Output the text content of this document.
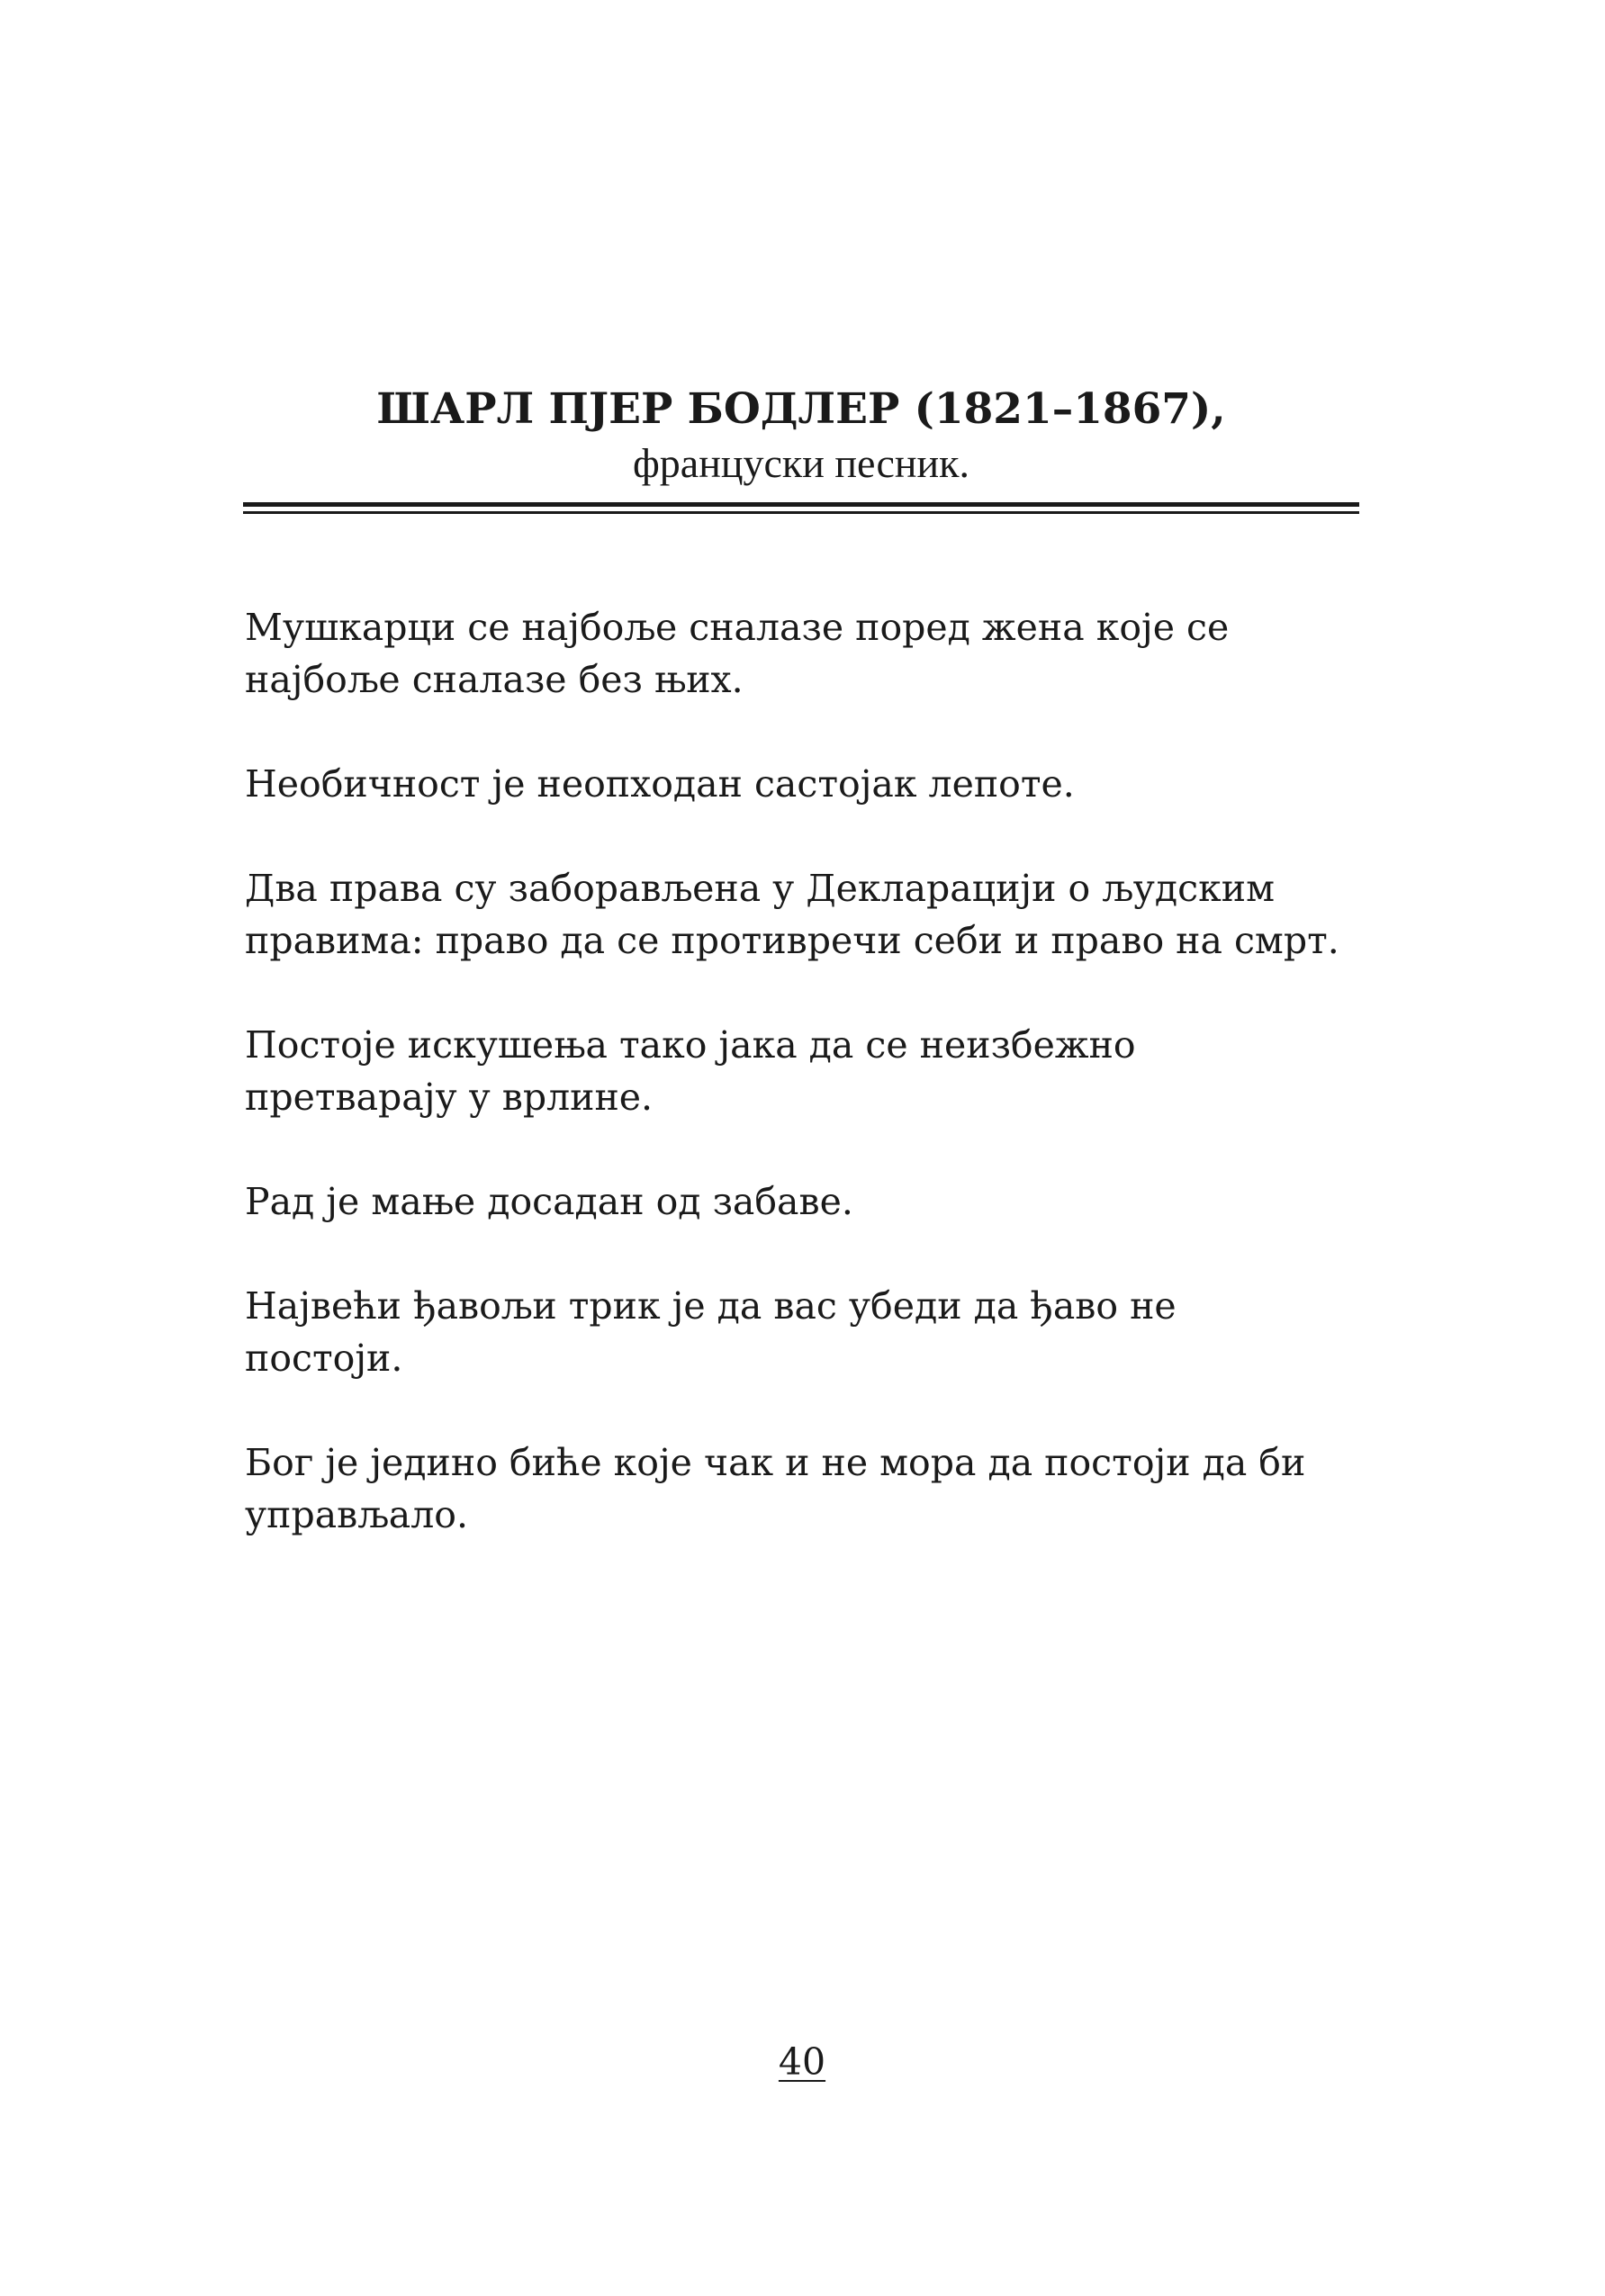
ШАРЛ ПЈЕР БОДЛЕР (1821–1867),
француски песник.

Мушкарци се најбоље сналазе поред жена које се
најбоље сналазе без њих.

Необичност је неопходан састојак лепоте.

Два права су заборављена у Декларацији о људским
правима: право да се противречи себи и право на смрт.

Постоје искушења тако јака да се неизбежно
претварају у врлине.

Рад је мање досадан од забаве.

Највећи ђавољи трик је да вас убеди да ђаво не
постоји.

Бог је једино биће које чак и не мора да постоји да би
управљало.

40
